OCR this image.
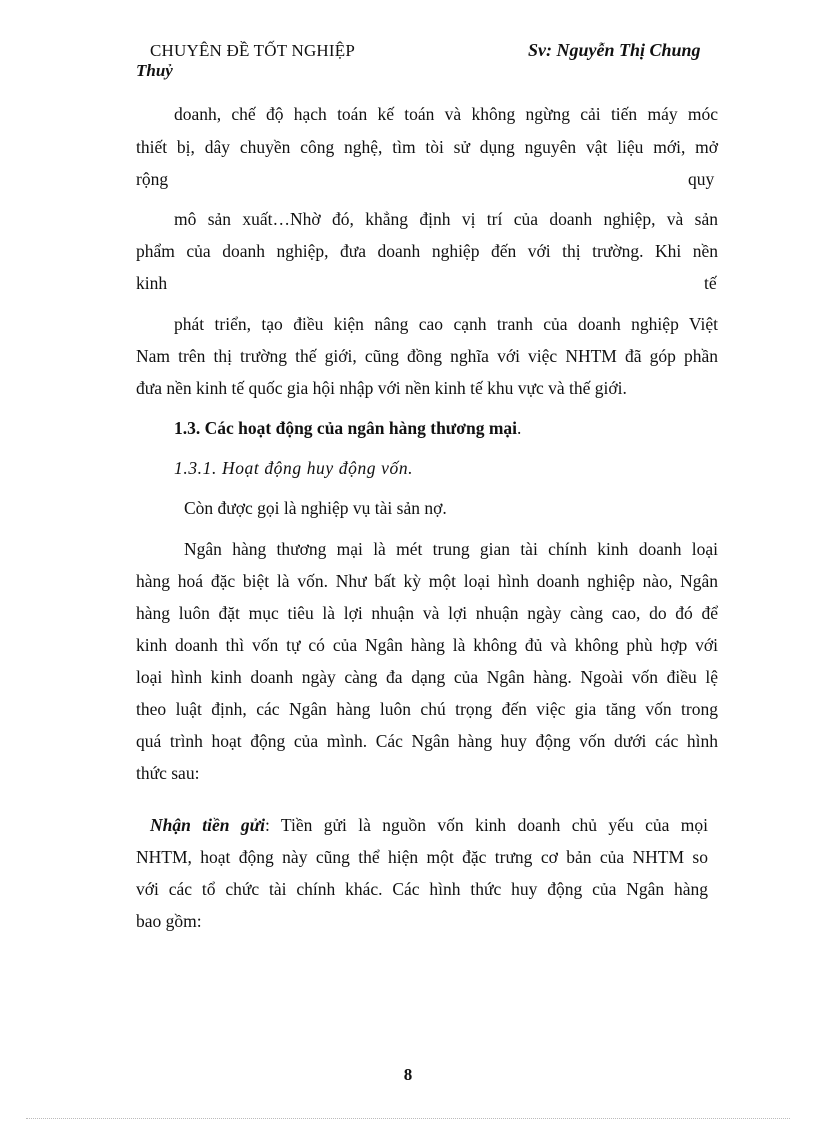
CHUYÊN ĐỀ TỐT NGHIỆP	Sv: Nguyễn Thị Chung
Thuỷ
doanh, chế độ hạch toán kế toán và không ngừng cải tiến máy móc
thiết bị, dây chuyền công nghệ, tìm tòi sử dụng nguyên vật liệu mới, mở
rộng	quy
mô sản xuất…Nhờ đó, khẳng định vị trí của doanh nghiệp, và sản
phẩm của doanh nghiệp, đưa doanh nghiệp đến với thị trường. Khi nền
kinh	tế
phát triển, tạo điều kiện nâng cao cạnh tranh của doanh nghiệp Việt
Nam trên thị trường thế giới, cũng đồng nghĩa với việc NHTM đã góp phần
đưa nền kinh tế quốc gia hội nhập với nền kinh tế khu vực và thế giới.
1.3. Các hoạt động của ngân hàng thương mại.
1.3.1. Hoạt động huy động vốn.
Còn được gọi là nghiệp vụ tài sản nợ.
Ngân hàng thương mại là mét trung gian tài chính kinh doanh loại
hàng hoá đặc biệt là vốn. Như bất kỳ một loại hình doanh nghiệp nào, Ngân
hàng luôn đặt mục tiêu là lợi nhuận và lợi nhuận ngày càng cao, do đó để
kinh doanh thì vốn tự có của Ngân hàng là không đủ và không phù hợp với
loại hình kinh doanh ngày càng đa dạng của Ngân hàng. Ngoài vốn điều lệ
theo luật định, các Ngân hàng luôn chú trọng đến việc gia tăng vốn trong
quá trình hoạt động của mình. Các Ngân hàng huy động vốn dưới các hình
thức sau:
Nhận tiền gửi: Tiền gửi là nguồn vốn kinh doanh chủ yếu của mọi
NHTM, hoạt động này cũng thể hiện một đặc trưng cơ bản của NHTM so
với các tổ chức tài chính khác. Các hình thức huy động của Ngân hàng
bao gồm:
8
